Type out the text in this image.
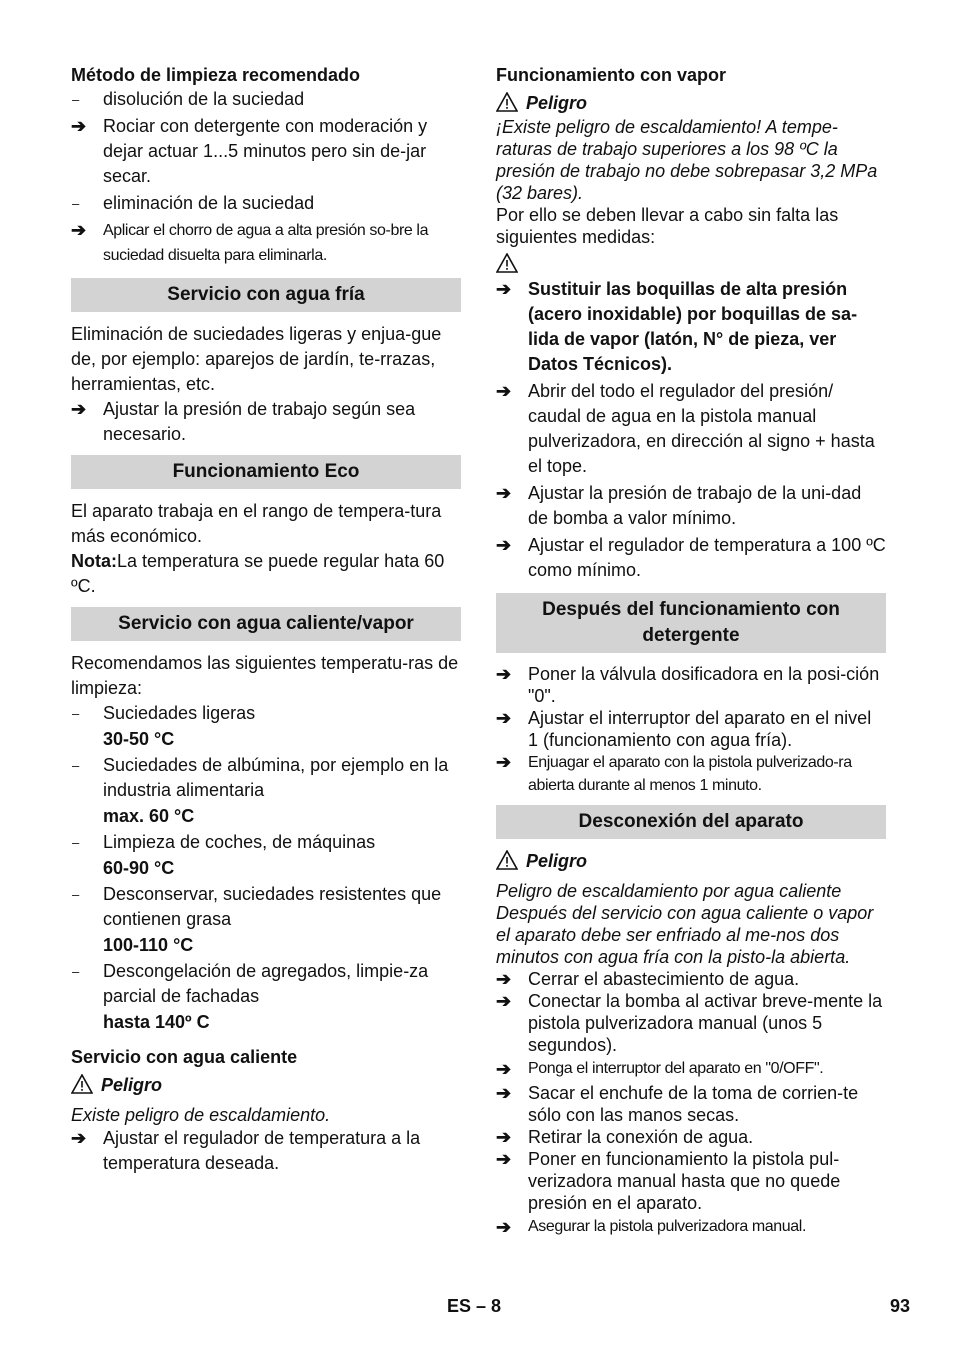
Método de limpieza recomendado

–	disolución de la suciedad
➔ Rociar con detergente con moderación y dejar actuar 1...5 minutos pero sin de-jar secar.
–	eliminación de la suciedad
➔	Aplicar el chorro de agua a alta presión so-bre la suciedad disuelta para eliminarla.
Servicio con agua fría

Eliminación de suciedades ligeras y enjua-gue de, por ejemplo: aparejos de jardín, te-rrazas, herramientas, etc.

➔ Ajustar la presión de trabajo según sea necesario.
Funcionamiento Eco

El aparato trabaja en el rango de tempera-tura más económico.

Nota:La temperatura se puede regular hata 60 ºC.

Servicio con agua caliente/vapor

Recomendamos las siguientes temperatu-ras de limpieza:

–	Suciedades ligeras
30-50 °C
–	Suciedades de albúmina, por ejemplo en la industria alimentaria
max. 60 °C
–	Limpieza de coches, de máquinas
60-90 °C
–	Desconservar, suciedades resistentes que contienen grasa
100-110 °C
–	Descongelación de agregados, limpie-za parcial de fachadas
hasta 140º C

Servicio con agua caliente

Peligro

Existe peligro de escaldamiento.

➔ Ajustar el regulador de temperatura a la temperatura deseada.

Funcionamiento con vapor

Peligro

¡Existe peligro de escaldamiento! A tempe-raturas de trabajo superiores a los 98 ºC la presión de trabajo no debe sobrepasar 3,2 MPa (32 bares).

Por ello se deben llevar a cabo sin falta las siguientes medidas:

➔ Sustituir las boquillas de alta presión (acero inoxidable) por boquillas de sa-lida de vapor (latón, N° de pieza, ver Datos Técnicos).
➔ Abrir del todo el regulador del presión/ caudal de agua en la pistola manual pulverizadora, en dirección al signo + hasta el tope.
➔ Ajustar la presión de trabajo de la uni-dad de bomba a valor mínimo.
➔ Ajustar el regulador de temperatura a 100 ºC como mínimo.
Después del funcionamiento con detergente
➔ Poner la válvula dosificadora en la posi-ción "0".
➔ Ajustar el interruptor del aparato en el nivel 1 (funcionamiento con agua fría).
➔	Enjuagar el aparato con la pistola pulverizado-ra abierta durante al menos 1 minuto.
Desconexión del aparato
Peligro

Peligro de escaldamiento por agua caliente Después del servicio con agua caliente o vapor el aparato debe ser enfriado al me-nos dos minutos con agua fría con la pisto-la abierta.

➔ Cerrar el abastecimiento de agua.
➔ Conectar la bomba al activar breve-mente la pistola pulverizadora manual (unos 5 segundos).
➔	Ponga el interruptor del aparato en "0/OFF".
➔ Sacar el enchufe de la toma de corrien-te sólo con las manos secas.
➔ Retirar la conexión de agua.
➔ Poner en funcionamiento la pistola pul-verizadora manual hasta que no quede presión en el aparato.
➔	Asegurar la pistola pulverizadora manual.
ES – 8	93
